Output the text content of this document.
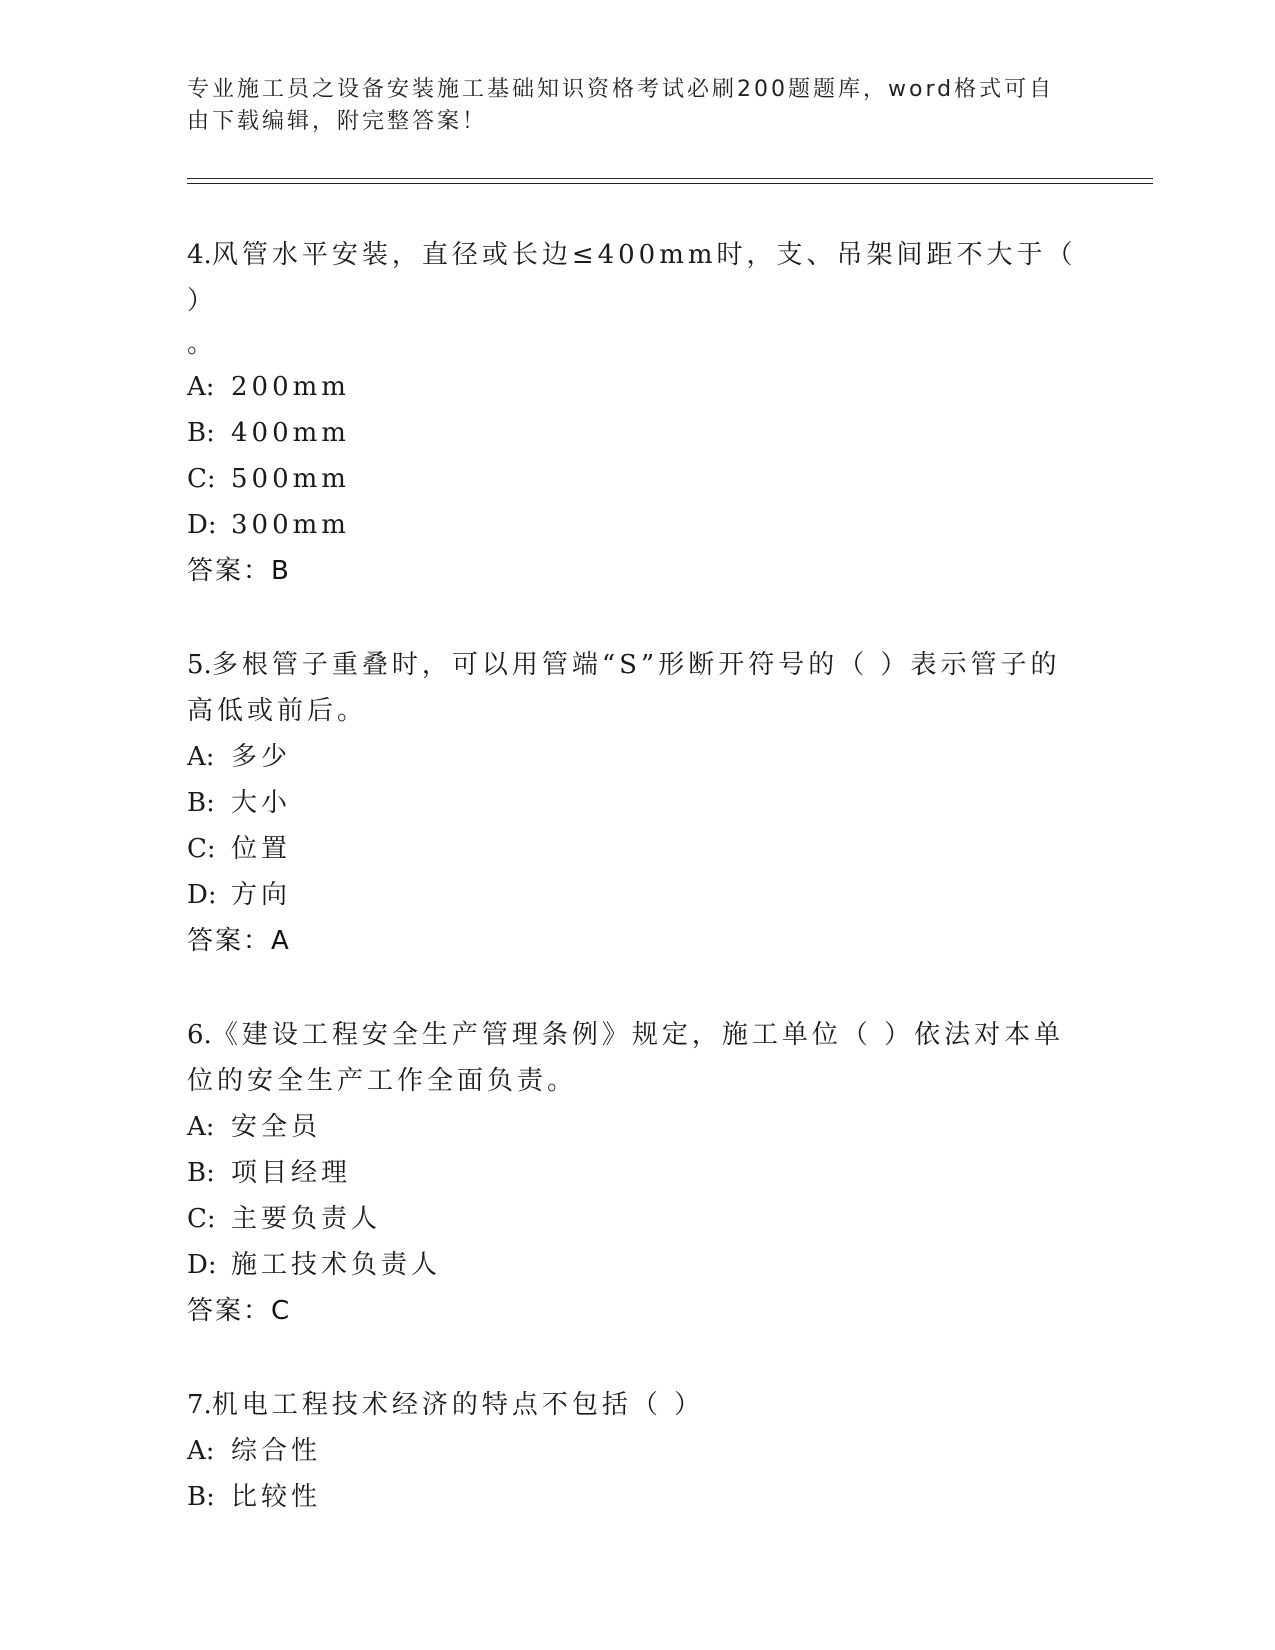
专业施工员之设备安装施工基础知识资格考试必刷200题题库，word格式可自由下载编辑，附完整答案！
4.风管水平安装，直径或长边≤400mm时，支、吊架间距不大于（ ）
。
A: 200mm
B: 400mm
C: 500mm
D: 300mm
答案：B
5.多根管子重叠时，可以用管端“S”形断开符号的（ ）表示管子的高低或前后。
A: 多少
B: 大小
C: 位置
D: 方向
答案：A
6.《建设工程安全生产管理条例》规定，施工单位（ ）依法对本单位的安全生产工作全面负责。
A: 安全员
B: 项目经理
C: 主要负责人
D: 施工技术负责人
答案：C
7.机电工程技术经济的特点不包括（ ）
A: 综合性
B: 比较性
